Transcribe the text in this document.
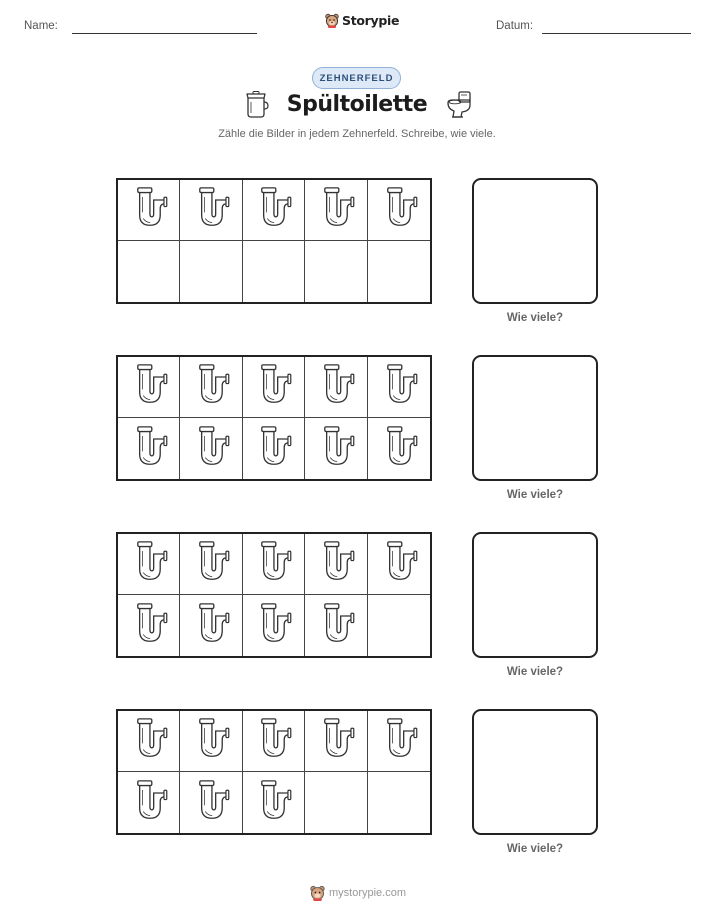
Name:	Storypie	Datum:
ZEHNERFELD
Spültoilette
Zähle die Bilder in jedem Zehnerfeld. Schreibe, wie viele.
Wie viele?
Wie viele?
Wie viele?
Wie viele?
mystorypie.com
